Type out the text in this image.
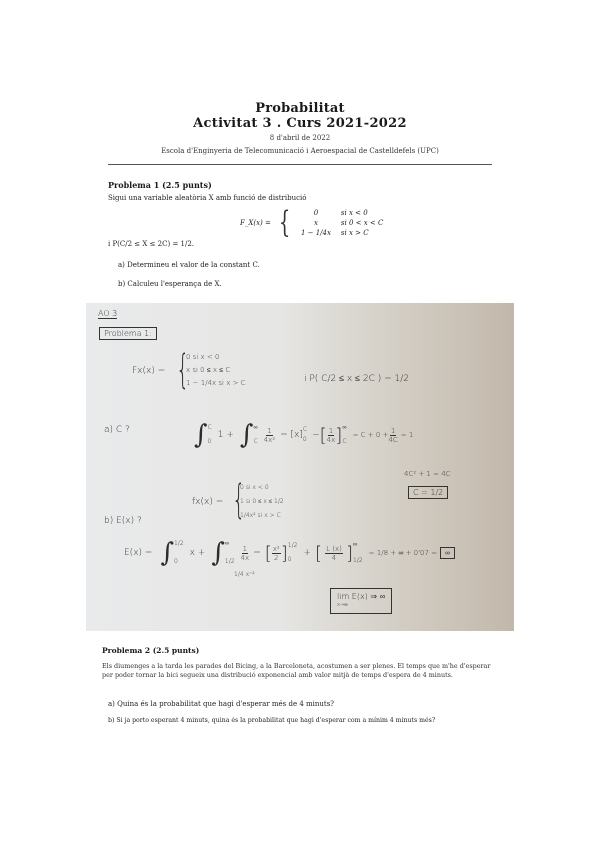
Probabilitat
Activitat 3 . Curs 2021-2022
8 d'abril de 2022
Escola d'Enginyeria de Telecomunicació i Aeroespacial de Castelldefels (UPC)
Problema 1 (2.5 punts)
Sigui una variable aleatòria X amb funció de distribució
F_X(x) = {	0	si x < 0
x	si 0 < x < C
1 − 1/4x	si x > C
i P(C/2 ≤ X ≤ 2C) = 1/2.
a) Determineu el valor de la constant C.
b) Calculeu l'esperança de X.
AO 3
Problema 1:
Fx(x) = {
0 si x < 0
x si 0 ≤ x ≤ C
1 − 1/4x si x > C	i P( C/2 ≤ x ≤ 2C ) = 1/2
a) C ? ∫ C
0
1 + ∫ ∞
C $\frac{1}{\text{4x²}} = [x]$
C
0 − [ $\frac{1}{4x}$ ] ∞
C
= $C + 0 + \frac{1}{4C} = 1$
4C² + 1 = 4C
C = 1/2
fx(x) = {
0 si x < 0
1 si 0 ≤ x ≤ 1/2
1/4x² si x > C
b) E(x) ?
E(x) = ∫ 1/2
0
x + ∫ ∞
$1/2 \frac{1}{4x}$ = [ $\frac{\text{x²}}{2}$ ] 1/2
0
+ [ $\frac{L (x)}{4}$ ] ∞
1/2
= 1/8 + ∞ + 0'07 =	∞
1/4 x⁻²
lim E(x) ⇒ ∞
x→∞
Problema 2 (2.5 punts)
Els diumenges a la tarda les parades del Bicing, a la Barceloneta, acostumen a ser plenes. El temps que m'he d'esperar per poder tornar la bici segueix una distribució exponencial amb valor mitjà de temps d'espera de 4 minuts.
a) Quina és la probabilitat que hagi d'esperar més de 4 minuts?
b) Si ja porto esperant 4 minuts, quina és la probabilitat que hagi d'esperar com a mínim 4 minuts més?
